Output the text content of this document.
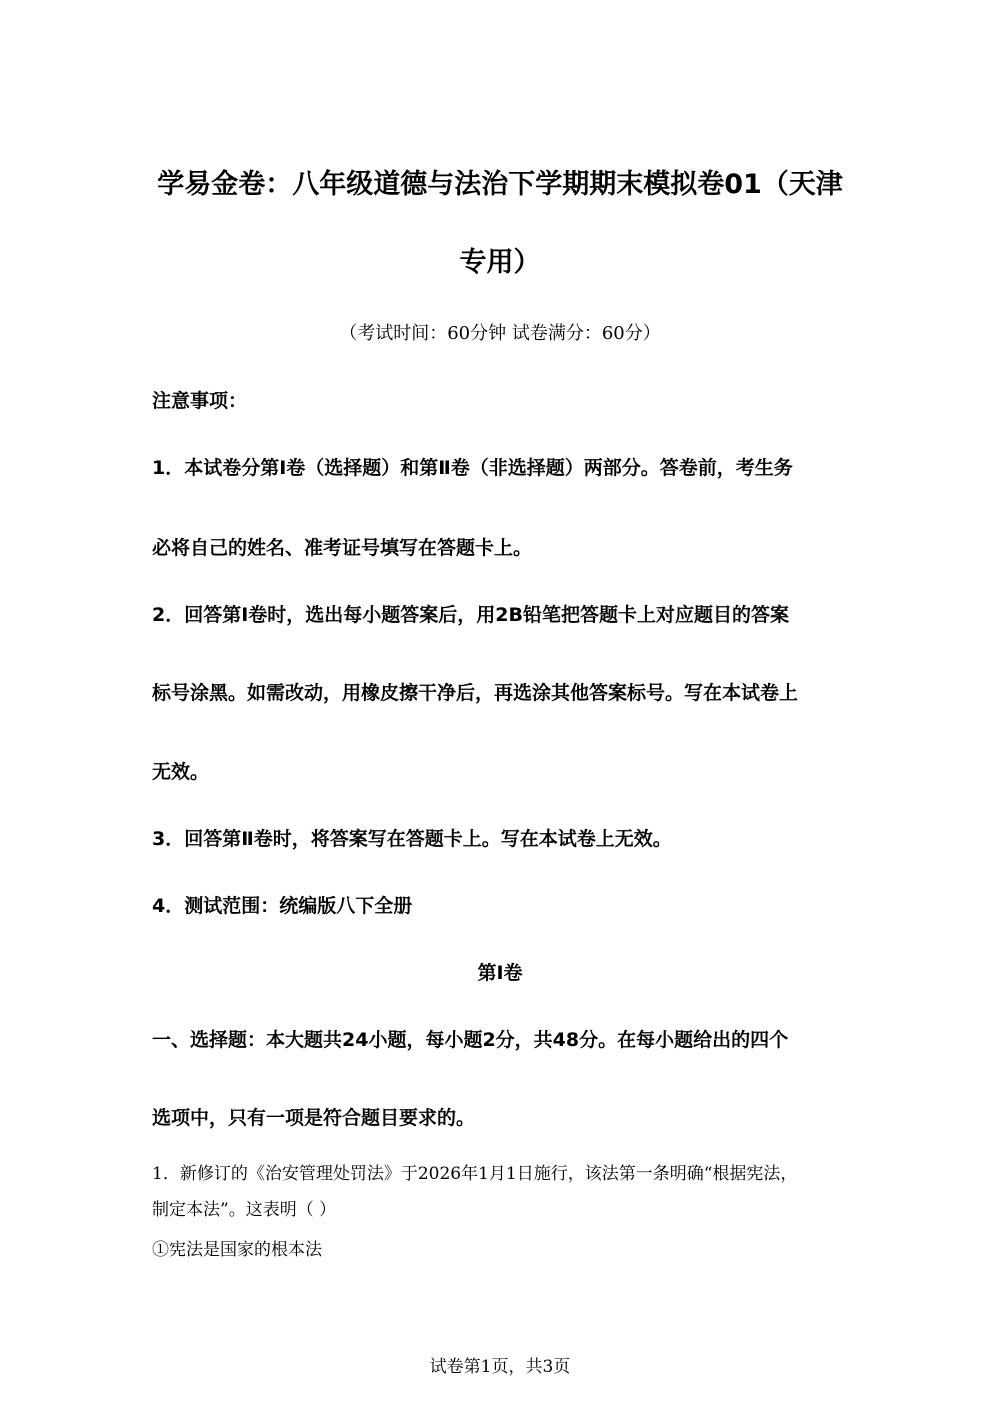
学易金卷：八年级道德与法治下学期期末模拟卷01（天津
专用）
（考试时间：60分钟 试卷满分：60分）
注意事项：
1．本试卷分第Ⅰ卷（选择题）和第Ⅱ卷（非选择题）两部分。答卷前，考生务
必将自己的姓名、准考证号填写在答题卡上。
2．回答第Ⅰ卷时，选出每小题答案后，用2B铅笔把答题卡上对应题目的答案
标号涂黑。如需改动，用橡皮擦干净后，再选涂其他答案标号。写在本试卷上
无效。
3．回答第Ⅱ卷时，将答案写在答题卡上。写在本试卷上无效。
4．测试范围：统编版八下全册
第Ⅰ卷
一、选择题：本大题共24小题，每小题2分，共48分。在每小题给出的四个
选项中，只有一项是符合题目要求的。
1．新修订的《治安管理处罚法》于2026年1月1日施行，该法第一条明确“根据宪法，
制定本法”。这表明（ ）
①宪法是国家的根本法
试卷第1页，共3页
